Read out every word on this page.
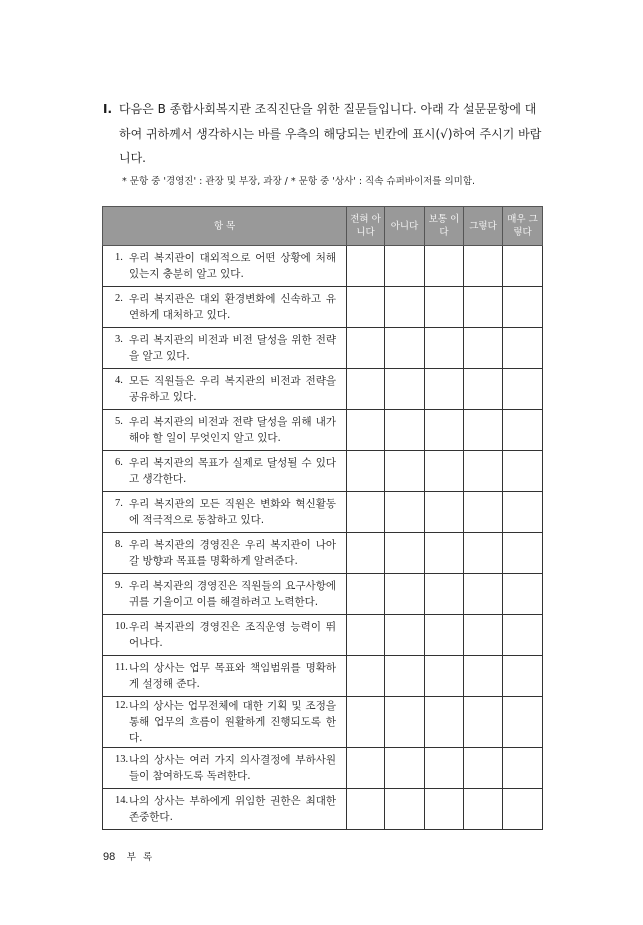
Ⅰ. 다음은 B 종합사회복지관 조직진단을 위한 질문들입니다. 아래 각 설문문항에 대
하여 귀하께서 생각하시는 바를 우측의 해당되는 빈칸에 표시(√)하여 주시기 바랍
니다.
* 문항 중 '경영진' : 관장 및 부장, 과장 / * 문항 중 '상사' : 직속 슈퍼바이저를 의미함.
항 목	전혀 아니다	아니다	보통 이다	그렇다	매우 그렇다

1. 우리 복지관이 대외적으로 어떤 상황에 처해 있는지 충분히 알고 있다.					

2. 우리 복지관은 대외 환경변화에 신속하고 유연하게 대처하고 있다.					

3. 우리 복지관의 비전과 비전 달성을 위한 전략을 알고 있다.					

4. 모든 직원들은 우리 복지관의 비전과 전략을 공유하고 있다.					

5. 우리 복지관의 비전과 전략 달성을 위해 내가 해야 할 일이 무엇인지 알고 있다.					

6. 우리 복지관의 목표가 실제로 달성될 수 있다고 생각한다.					

7. 우리 복지관의 모든 직원은 변화와 혁신활동에 적극적으로 동참하고 있다.					

8. 우리 복지관의 경영진은 우리 복지관이 나아갈 방향과 목표를 명확하게 알려준다.					

9. 우리 복지관의 경영진은 직원들의 요구사항에 귀를 기울이고 이를 해결하려고 노력한다.					

10. 우리 복지관의 경영진은 조직운영 능력이 뛰어나다.					

11. 나의 상사는 업무 목표와 책임범위를 명확하게 설정해 준다.					

12. 나의 상사는 업무전체에 대한 기획 및 조정을 통해 업무의 흐름이 원활하게 진행되도록 한다.					

13. 나의 상사는 여러 가지 의사결정에 부하사원들이 참여하도록 독려한다.					

14. 나의 상사는 부하에게 위임한 권한은 최대한 존중한다.					

98 부 록
